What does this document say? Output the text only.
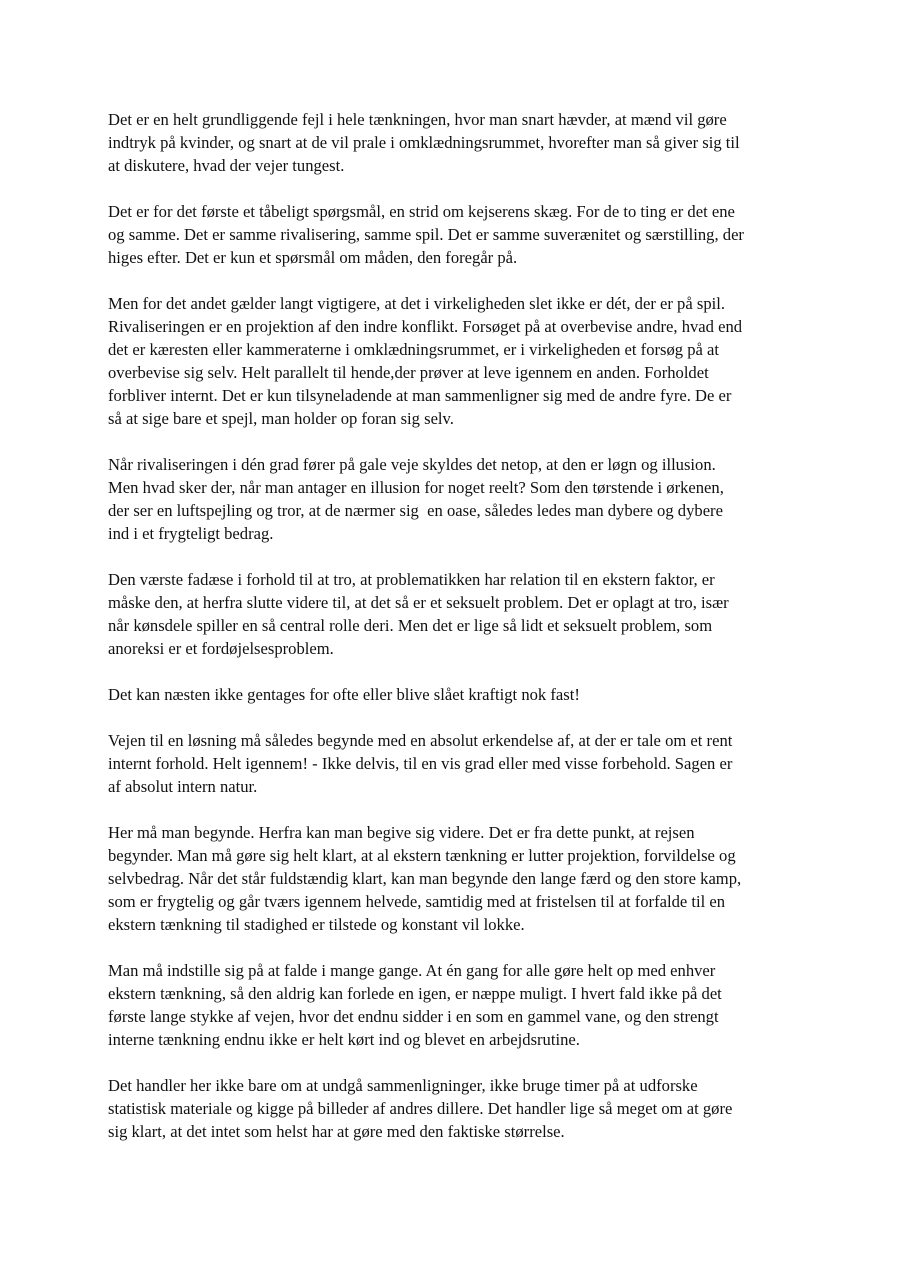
Det er en helt grundliggende fejl i hele tænkningen, hvor man snart hævder, at mænd vil gøre
indtryk på kvinder, og snart at de vil prale i omklædningsrummet, hvorefter man så giver sig til
at diskutere, hvad der vejer tungest.

Det er for det første et tåbeligt spørgsmål, en strid om kejserens skæg. For de to ting er det ene
og samme. Det er samme rivalisering, samme spil. Det er samme suverænitet og særstilling, der
higes efter. Det er kun et spørsmål om måden, den foregår på.

Men for det andet gælder langt vigtigere, at det i virkeligheden slet ikke er dét, der er på spil.
Rivaliseringen er en projektion af den indre konflikt. Forsøget på at overbevise andre, hvad end
det er kæresten eller kammeraterne i omklædningsrummet, er i virkeligheden et forsøg på at
overbevise sig selv. Helt parallelt til hende,der prøver at leve igennem en anden. Forholdet
forbliver internt. Det er kun tilsyneladende at man sammenligner sig med de andre fyre. De er
så at sige bare et spejl, man holder op foran sig selv.

Når rivaliseringen i dén grad fører på gale veje skyldes det netop, at den er løgn og illusion.
Men hvad sker der, når man antager en illusion for noget reelt? Som den tørstende i ørkenen,
der ser en luftspejling og tror, at de nærmer sig  en oase, således ledes man dybere og dybere
ind i et frygteligt bedrag.

Den værste fadæse i forhold til at tro, at problematikken har relation til en ekstern faktor, er
måske den, at herfra slutte videre til, at det så er et seksuelt problem. Det er oplagt at tro, især
når kønsdele spiller en så central rolle deri. Men det er lige så lidt et seksuelt problem, som
anoreksi er et fordøjelsesproblem.

Det kan næsten ikke gentages for ofte eller blive slået kraftigt nok fast!

Vejen til en løsning må således begynde med en absolut erkendelse af, at der er tale om et rent
internt forhold. Helt igennem! - Ikke delvis, til en vis grad eller med visse forbehold. Sagen er
af absolut intern natur.

Her må man begynde. Herfra kan man begive sig videre. Det er fra dette punkt, at rejsen
begynder. Man må gøre sig helt klart, at al ekstern tænkning er lutter projektion, forvildelse og
selvbedrag. Når det står fuldstændig klart, kan man begynde den lange færd og den store kamp,
som er frygtelig og går tværs igennem helvede, samtidig med at fristelsen til at forfalde til en
ekstern tænkning til stadighed er tilstede og konstant vil lokke.

Man må indstille sig på at falde i mange gange. At én gang for alle gøre helt op med enhver
ekstern tænkning, så den aldrig kan forlede en igen, er næppe muligt. I hvert fald ikke på det
første lange stykke af vejen, hvor det endnu sidder i en som en gammel vane, og den strengt
interne tænkning endnu ikke er helt kørt ind og blevet en arbejdsrutine.

Det handler her ikke bare om at undgå sammenligninger, ikke bruge timer på at udforske
statistisk materiale og kigge på billeder af andres dillere. Det handler lige så meget om at gøre
sig klart, at det intet som helst har at gøre med den faktiske størrelse.
